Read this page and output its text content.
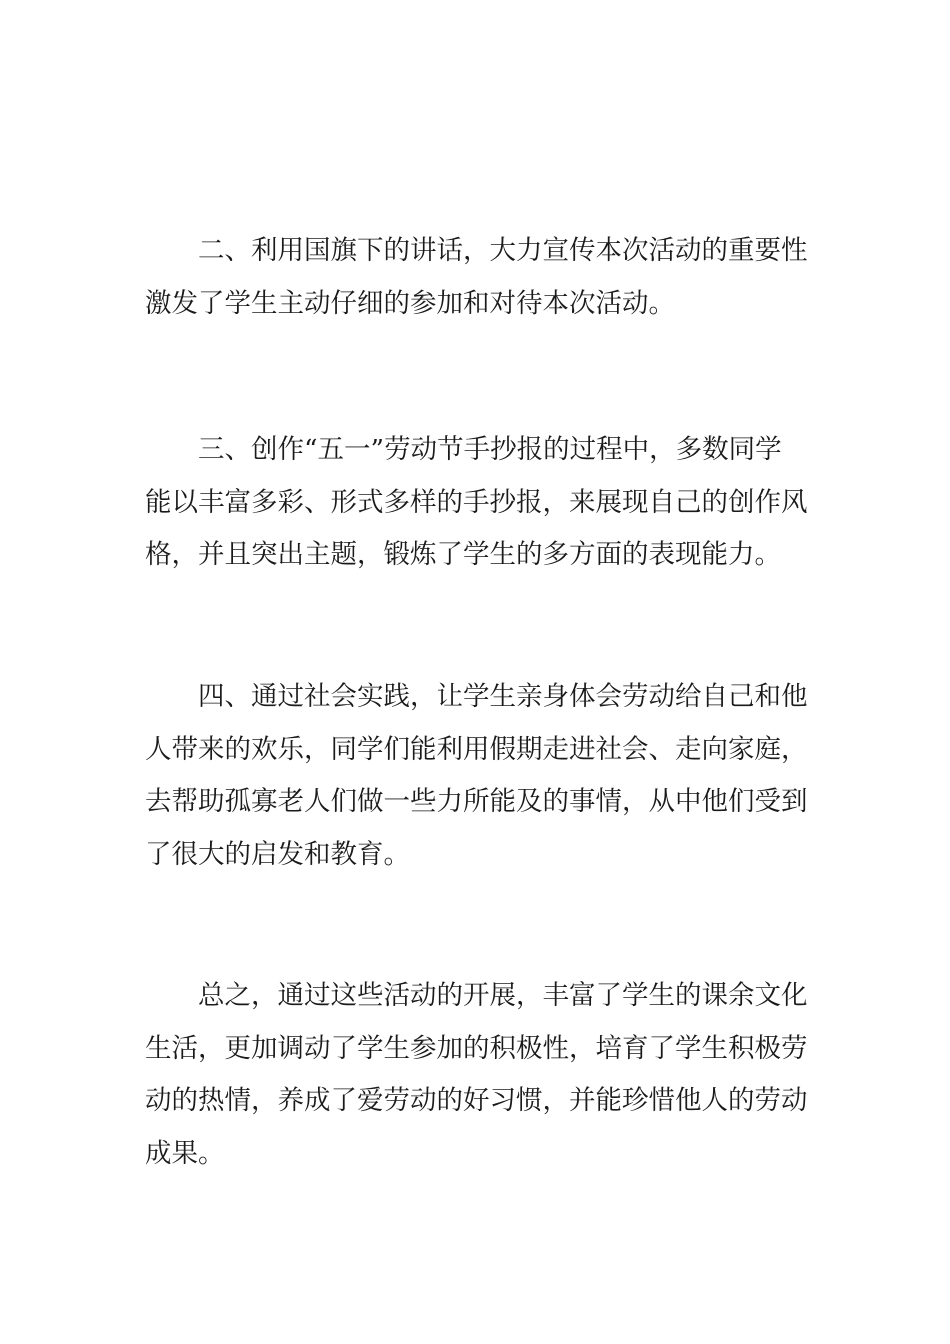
二、利用国旗下的讲话，大力宣传本次活动的重要性
激发了学生主动仔细的参加和对待本次活动。

三、创作“五一”劳动节手抄报的过程中，多数同学
能以丰富多彩、形式多样的手抄报，来展现自己的创作风
格，并且突出主题，锻炼了学生的多方面的表现能力。

四、通过社会实践，让学生亲身体会劳动给自己和他
人带来的欢乐，同学们能利用假期走进社会、走向家庭，
去帮助孤寡老人们做一些力所能及的事情，从中他们受到
了很大的启发和教育。

总之，通过这些活动的开展，丰富了学生的课余文化
生活，更加调动了学生参加的积极性，培育了学生积极劳
动的热情，养成了爱劳动的好习惯，并能珍惜他人的劳动
成果。
